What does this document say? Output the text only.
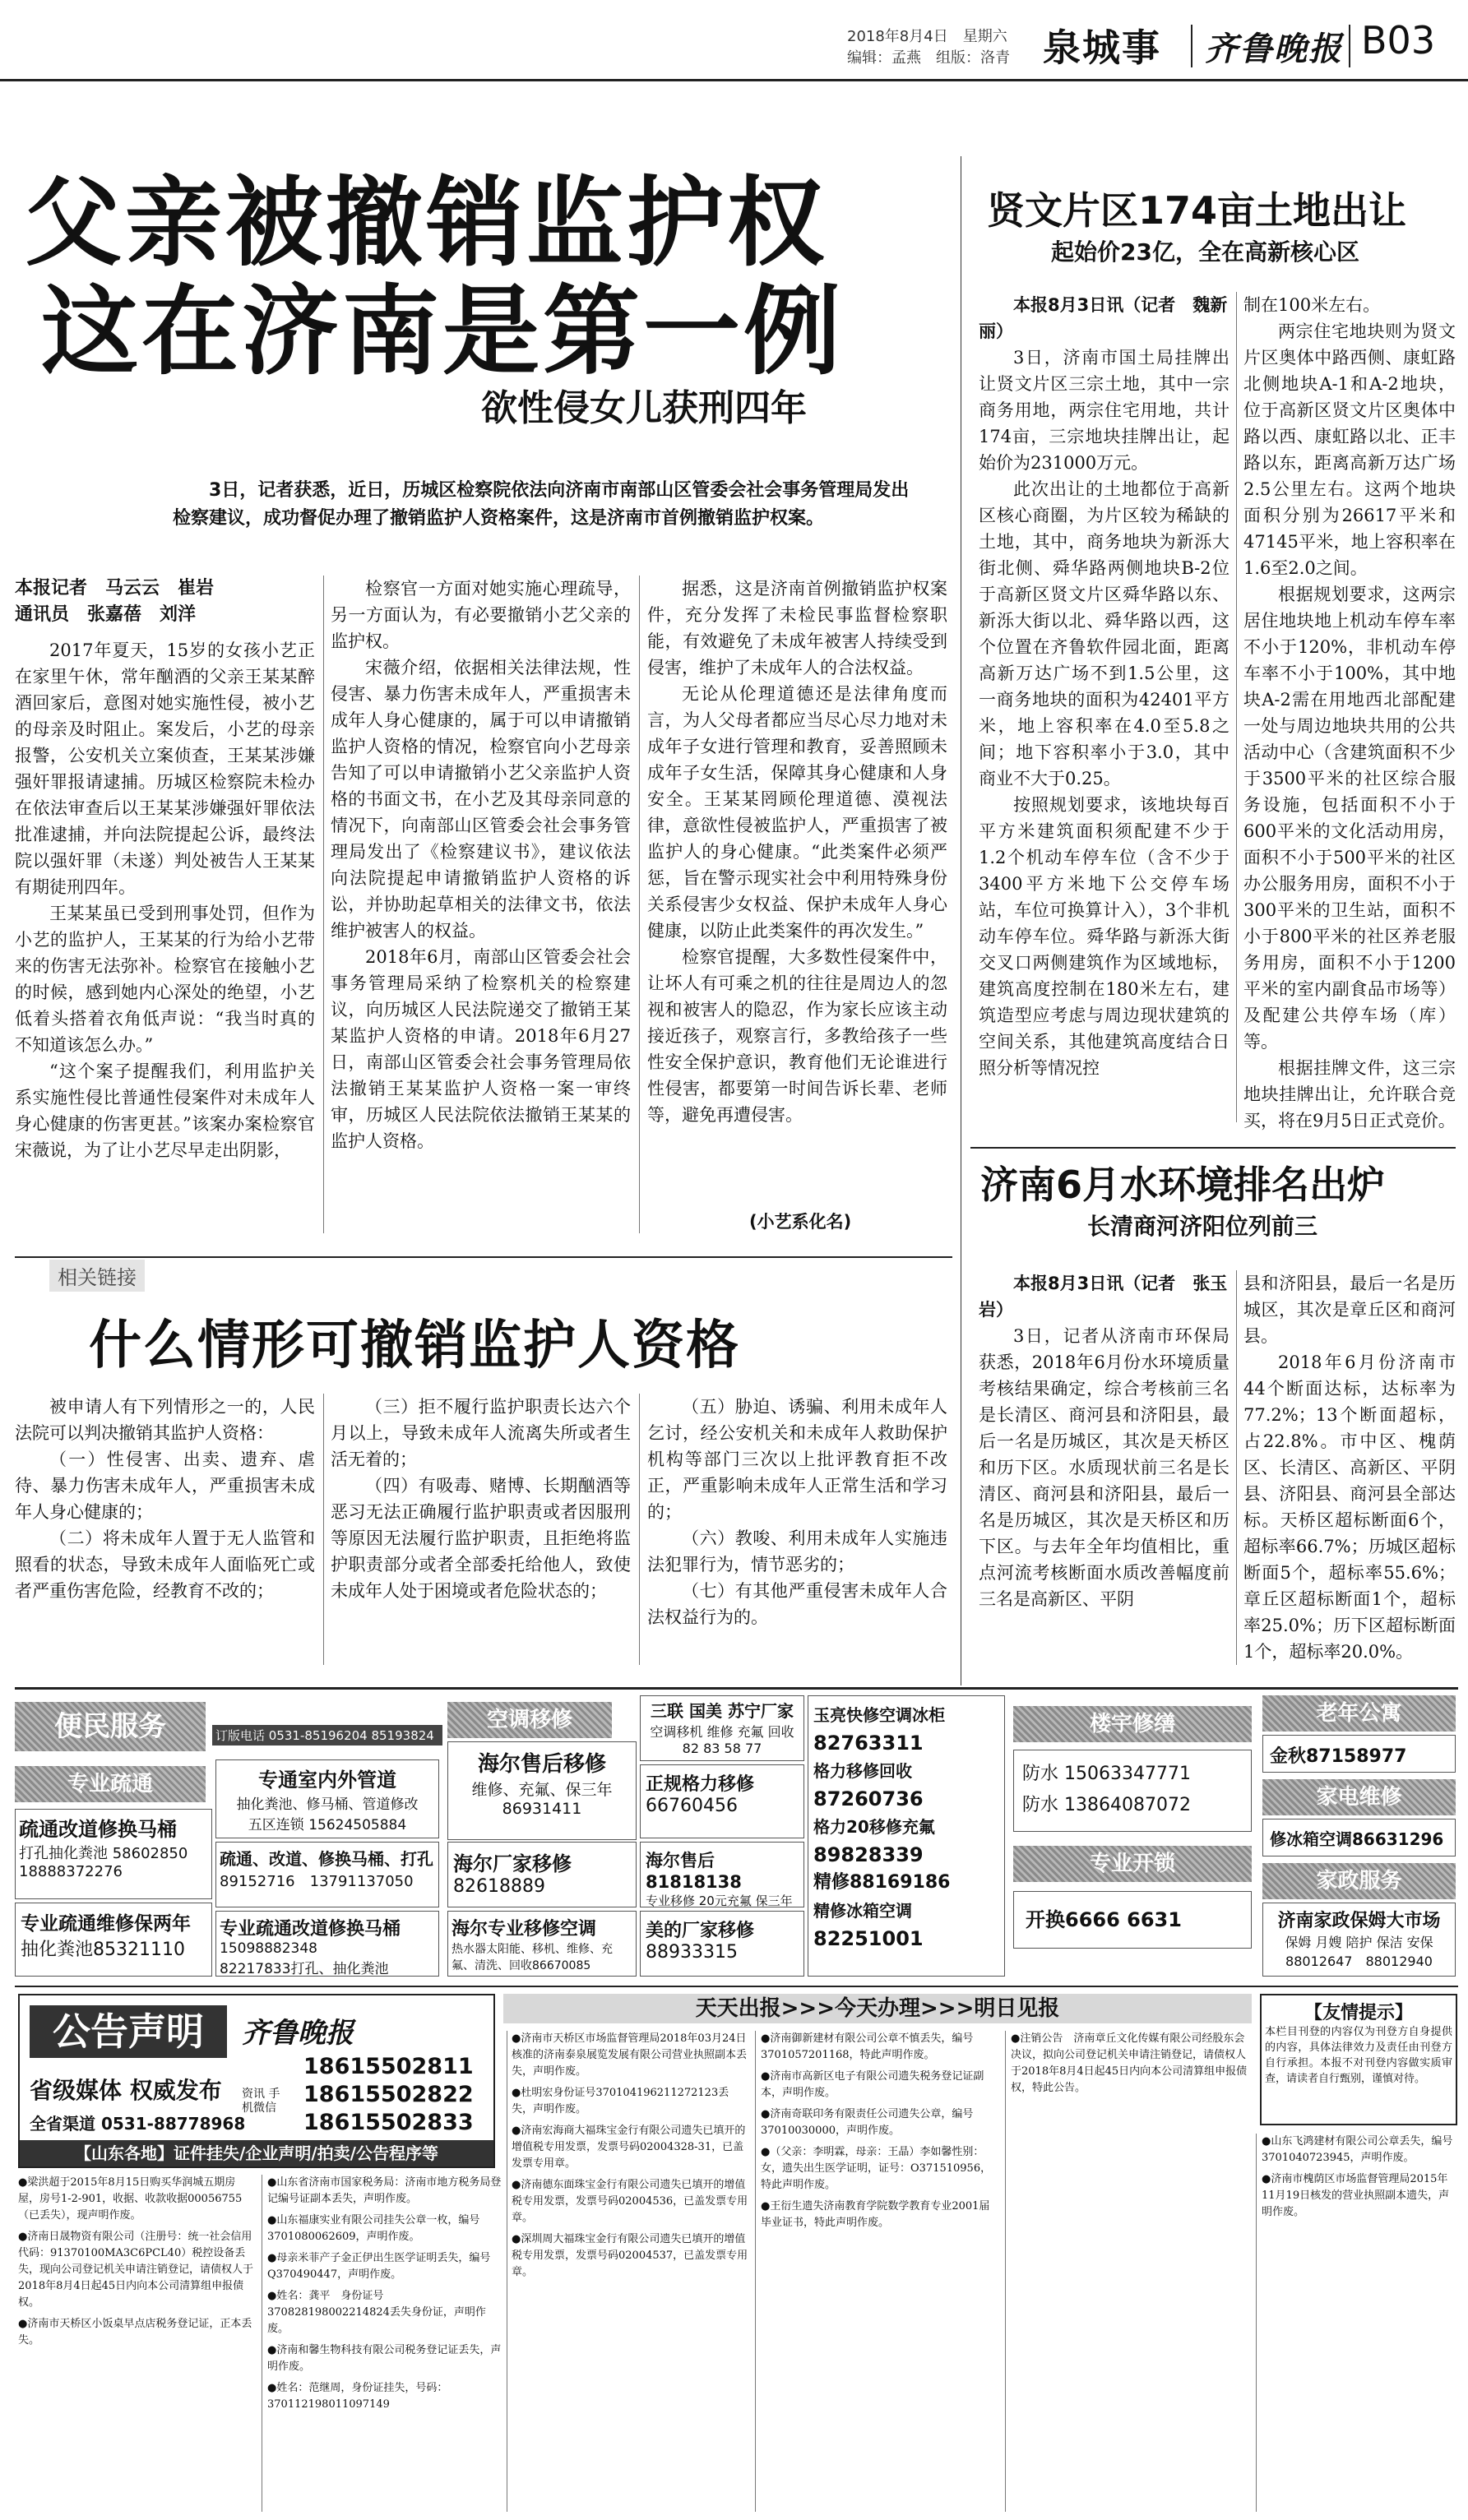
2018年8月4日　星期六
编辑：孟燕　组版：洛青 泉城事 齐鲁晚报 B03
父亲被撤销监护权
这在济南是第一例
欲性侵女儿获刑四年
3日，记者获悉，近日，历城区检察院依法向济南市南部山区管委会社会事务管理局发出检察建议，成功督促办理了撤销监护人资格案件，这是济南市首例撤销监护权案。
本报记者　马云云　崔岩
通讯员　张嘉蓓　刘洋

2017年夏天，15岁的女孩小艺正在家里午休，常年酗酒的父亲王某某醉酒回家后，意图对她实施性侵，被小艺的母亲及时阻止。案发后，小艺的母亲报警，公安机关立案侦查，王某某涉嫌强奸罪报请逮捕。历城区检察院未检办在依法审查后以王某某涉嫌强奸罪依法批准逮捕，并向法院提起公诉，最终法院以强奸罪（未遂）判处被告人王某某有期徒刑四年。

王某某虽已受到刑事处罚，但作为小艺的监护人，王某某的行为给小艺带来的伤害无法弥补。检察官在接触小艺的时候，感到她内心深处的绝望，小艺低着头搭着衣角低声说：“我当时真的不知道该怎么办。”

“这个案子提醒我们，利用监护关系实施性侵比普通性侵案件对未成年人身心健康的伤害更甚。”该案办案检察官宋薇说，为了让小艺尽早走出阴影，

检察官一方面对她实施心理疏导，另一方面认为，有必要撤销小艺父亲的监护权。

宋薇介绍，依据相关法律法规，性侵害、暴力伤害未成年人，严重损害未成年人身心健康的，属于可以申请撤销监护人资格的情况，检察官向小艺母亲告知了可以申请撤销小艺父亲监护人资格的书面文书，在小艺及其母亲同意的情况下，向南部山区管委会社会事务管理局发出了《检察建议书》，建议依法向法院提起申请撤销监护人资格的诉讼，并协助起草相关的法律文书，依法维护被害人的权益。

2018年6月，南部山区管委会社会事务管理局采纳了检察机关的检察建议，向历城区人民法院递交了撤销王某某监护人资格的申请。2018年6月27日，南部山区管委会社会事务管理局依法撤销王某某监护人资格一案一审终审，历城区人民法院依法撤销王某某的监护人资格。

据悉，这是济南首例撤销监护权案件，充分发挥了未检民事监督检察职能，有效避免了未成年被害人持续受到侵害，维护了未成年人的合法权益。

无论从伦理道德还是法律角度而言，为人父母者都应当尽心尽力地对未成年子女进行管理和教育，妥善照顾未成年子女生活，保障其身心健康和人身安全。王某某罔顾伦理道德、漠视法律，意欲性侵被监护人，严重损害了被监护人的身心健康。“此类案件必须严惩，旨在警示现实社会中利用特殊身份关系侵害少女权益、保护未成年人身心健康，以防止此类案件的再次发生。”

检察官提醒，大多数性侵案件中，让坏人有可乘之机的往往是周边人的忽视和被害人的隐忍，作为家长应该主动接近孩子，观察言行，多教给孩子一些性安全保护意识，教育他们无论谁进行性侵害，都要第一时间告诉长辈、老师等，避免再遭侵害。

(小艺系化名)
相关链接
什么情形可撤销监护人资格

被申请人有下列情形之一的，人民法院可以判决撤销其监护人资格：

（一）性侵害、出卖、遗弃、虐待、暴力伤害未成年人，严重损害未成年人身心健康的；

（二）将未成年人置于无人监管和照看的状态，导致未成年人面临死亡或者严重伤害危险，经教育不改的；

（三）拒不履行监护职责长达六个月以上，导致未成年人流离失所或者生活无着的；

（四）有吸毒、赌博、长期酗酒等恶习无法正确履行监护职责或者因服刑等原因无法履行监护职责，且拒绝将监护职责部分或者全部委托给他人，致使未成年人处于困境或者危险状态的；

（五）胁迫、诱骗、利用未成年人乞讨，经公安机关和未成年人救助保护机构等部门三次以上批评教育拒不改正，严重影响未成年人正常生活和学习的；

（六）教唆、利用未成年人实施违法犯罪行为，情节恶劣的；

（七）有其他严重侵害未成年人合法权益行为的。

贤文片区174亩土地出让
起始价23亿，全在高新核心区
本报8月3日讯（记者　魏新丽）

3日，济南市国土局挂牌出让贤文片区三宗土地，其中一宗商务用地，两宗住宅用地，共计174亩，三宗地块挂牌出让，起始价为231000万元。

此次出让的土地都位于高新区核心商圈，为片区较为稀缺的土地，其中，商务地块为新泺大街北侧、舜华路两侧地块B-2位于高新区贤文片区舜华路以东、新泺大街以北、舜华路以西，这个位置在齐鲁软件园北面，距离高新万达广场不到1.5公里，这一商务地块的面积为42401平方米，地上容积率在4.0至5.8之间；地下容积率小于3.0，其中商业不大于0.25。

按照规划要求，该地块每百平方米建筑面积须配建不少于1.2个机动车停车位（含不少于3400平方米地下公交停车场站，车位可换算计入），3个非机动车停车位。舜华路与新泺大街交叉口两侧建筑作为区域地标，建筑高度控制在180米左右，建筑造型应考虑与周边现状建筑的空间关系，其他建筑高度结合日照分析等情况控

制在100米左右。

两宗住宅地块则为贤文片区奥体中路西侧、康虹路北侧地块A-1和A-2地块，位于高新区贤文片区奥体中路以西、康虹路以北、正丰路以东，距离高新万达广场2.5公里左右。这两个地块面积分别为26617平米和47145平米，地上容积率在1.6至2.0之间。

根据规划要求，这两宗居住地块地上机动车停车率不小于120%，非机动车停车率不小于100%，其中地块A-2需在用地西北部配建一处与周边地块共用的公共活动中心（含建筑面积不少于3500平米的社区综合服务设施，包括面积不小于600平米的文化活动用房，面积不小于500平米的社区办公服务用房，面积不小于300平米的卫生站，面积不小于800平米的社区养老服务用房，面积不小于1200平米的室内副食品市场等）及配建公共停车场（库）等。

根据挂牌文件，这三宗地块挂牌出让，允许联合竞买，将在9月5日正式竞价。

济南6月水环境排名出炉
长清商河济阳位列前三
本报8月3日讯（记者　张玉岩）

3日，记者从济南市环保局获悉，2018年6月份水环境质量考核结果确定，综合考核前三名是长清区、商河县和济阳县，最后一名是历城区，其次是天桥区和历下区。水质现状前三名是长清区、商河县和济阳县，最后一名是历城区，其次是天桥区和历下区。与去年全年均值相比，重点河流考核断面水质改善幅度前三名是高新区、平阴

县和济阳县，最后一名是历城区，其次是章丘区和商河县。

2018年6月份济南市44个断面达标，达标率为77.2%；13个断面超标，占22.8%。市中区、槐荫区、长清区、高新区、平阴县、济阳县、商河县全部达标。天桥区超标断面6个，超标率66.7%；历城区超标断面5个，超标率55.6%；章丘区超标断面1个，超标率25.0%；历下区超标断面1个，超标率20.0%。

便民服务	订版电话 0531-85196204 85193824
专业疏通	专通室内外管道
抽化粪池、修马桶、管道修改
五区连锁 15624505884
疏通改道修换马桶
打孔抽化粪池 58602850
18888372276
疏通、改道、修换马桶、打孔
89152716　13791137050
专业疏通维修保两年
抽化粪池85321110
专业疏通改道修换马桶
15098882348
82217833打孔、抽化粪池
空调移修
海尔售后移修
维修、充氟、保三年
86931411
海尔厂家移修
82618889
海尔专业移修空调
热水器太阳能、移机、维修、充氟、清洗、回收86670085
三联 国美 苏宁厂家
空调移机 维修 充氟 回收
82 83 58 77
正规格力移修
66760456
海尔售后81818138
专业移修 20元充氟 保三年
美的厂家移修
88933315
玉亮快修空调冰柜
82763311
格力移修回收
87260736
格力20移修充氟
89828339
精修88169186
精修冰箱空调
82251001
楼宇修缮
防水 15063347771
防水 13864087072
专业开锁
开换6666 6631
老年公寓
金秋87158977
家电维修
修冰箱空调86631296
家政服务
济南家政保姆大市场
保姆 月嫂 陪护 保洁 安保
88012647　88012940
公告声明	齐鲁晚报
省级媒体 权威发布 资讯 手机微信
全省渠道 0531-88778968
18615502811
18615502822
18615502833
【山东各地】证件挂失/企业声明/拍卖/公告程序等
天天出报>>>今天办理>>>明日见报	【友情提示】
本栏目刊登的内容仅为刊登方自身提供的内容，具体法律效力及责任由刊登方自行承担。本报不对刊登内容做实质审查，请读者自行甄别，谨慎对待。
●梁洪超于2015年8月15日购买华润城五期房屋，房号1-2-901，收据、收款收据00056755（已丢失），现声明作废。
●济南日晟物资有限公司（注册号：统一社会信用代码：91370100MA3C6PCL40）税控设备丢失，现向公司登记机关申请注销登记，请债权人于2018年8月4日起45日内向本公司清算组申报债权。
●济南市天桥区小饭桌早点店税务登记证，正本丢失。
●山东省济南市国家税务局：济南市地方税务局登记编号证副本丢失，声明作废。
●山东福康实业有限公司挂失公章一枚，编号3701080062609，声明作废。
●母亲米菲产子金正伊出生医学证明丢失，编号Q370490447，声明作废。
●姓名：龚平　身份证号370828198002214824丢失身份证，声明作废。
●济南和馨生物科技有限公司税务登记证丢失，声明作废。
●姓名：范继周，身份证挂失，号码：370112198011097149
●济南市天桥区市场监督管理局2018年03月24日核准的济南泰泉展览发展有限公司营业执照副本丢失，声明作废。
●杜明宏身份证号370104196211272123丢失，声明作废。
●济南宏海商大福珠宝金行有限公司遗失已填开的增值税专用发票，发票号码02004328-31，已盖发票专用章。
●济南德东面珠宝金行有限公司遗失已填开的增值税专用发票，发票号码02004536，已盖发票专用章。
●深圳周大福珠宝金行有限公司遗失已填开的增值税专用发票，发票号码02004537，已盖发票专用章。
●济南御新建材有限公司公章不慎丢失，编号3701057201168，特此声明作废。
●济南市高新区电子有限公司遗失税务登记证副本，声明作废。
●济南奇联印务有限责任公司遗失公章，编号37010030000，声明作废。
●（父亲：李明霖，母亲：王晶）李如馨性别：女，遗失出生医学证明，证号：O371510956，特此声明作废。
●王衍生遗失济南教育学院数学教育专业2001届毕业证书，特此声明作废。
●注销公告　济南章丘文化传媒有限公司经股东会决议，拟向公司登记机关申请注销登记，请债权人于2018年8月4日起45日内向本公司清算组申报债权，特此公告。
●山东飞鸿建材有限公司公章丢失，编号3701040723945，声明作废。
●济南市槐荫区市场监督管理局2015年11月19日核发的营业执照副本遗失，声明作废。
